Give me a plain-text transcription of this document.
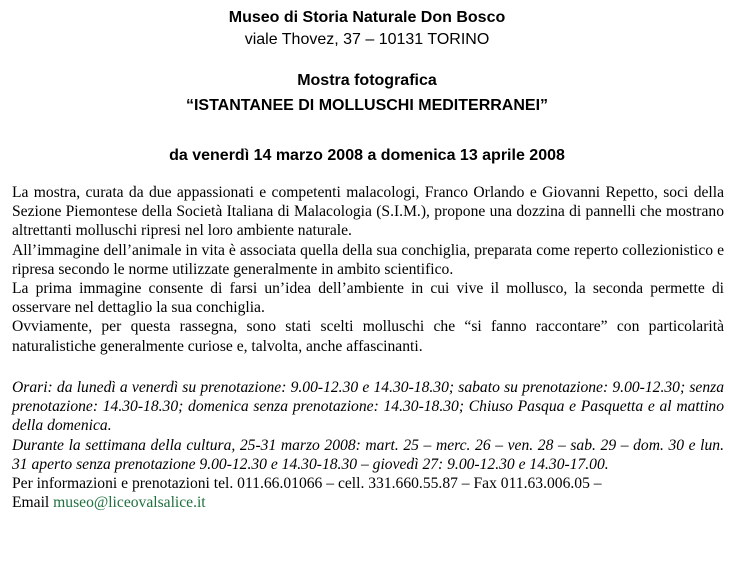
Museo di Storia Naturale Don Bosco
viale Thovez, 37 – 10131 TORINO
Mostra fotografica
“ISTANTANEE DI MOLLUSCHI MEDITERRANEI”
da venerdì 14 marzo 2008 a domenica 13 aprile 2008

La mostra, curata da due appassionati e competenti malacologi, Franco Orlando e Giovanni Repetto, soci della Sezione Piemontese della Società Italiana di Malacologia (S.I.M.), propone una dozzina di pannelli che mostrano altrettanti molluschi ripresi nel loro ambiente naturale.

All’immagine dell’animale in vita è associata quella della sua conchiglia, preparata come reperto collezionistico e ripresa secondo le norme utilizzate generalmente in ambito scientifico.

La prima immagine consente di farsi un’idea dell’ambiente in cui vive il mollusco, la seconda permette di osservare nel dettaglio la sua conchiglia.

Ovviamente, per questa rassegna, sono stati scelti molluschi che “si fanno raccontare” con particolarità naturalistiche generalmente curiose e, talvolta, anche affascinanti.

Orari: da lunedì a venerdì su prenotazione: 9.00-12.30 e 14.30-18.30; sabato su prenotazione: 9.00-12.30; senza prenotazione: 14.30-18.30; domenica senza prenotazione: 14.30-18.30; Chiuso Pasqua e Pasquetta e al mattino della domenica.

Durante la settimana della cultura, 25-31 marzo 2008: mart. 25 – merc. 26 – ven. 28 – sab. 29 – dom. 30 e lun. 31 aperto senza prenotazione 9.00-12.30 e 14.30-18.30 – giovedì 27: 9.00-12.30 e 14.30-17.00.

Per informazioni e prenotazioni tel. 011.66.01066 – cell. 331.660.55.87 – Fax 011.63.006.05 –

Email museo@liceovalsalice.it
